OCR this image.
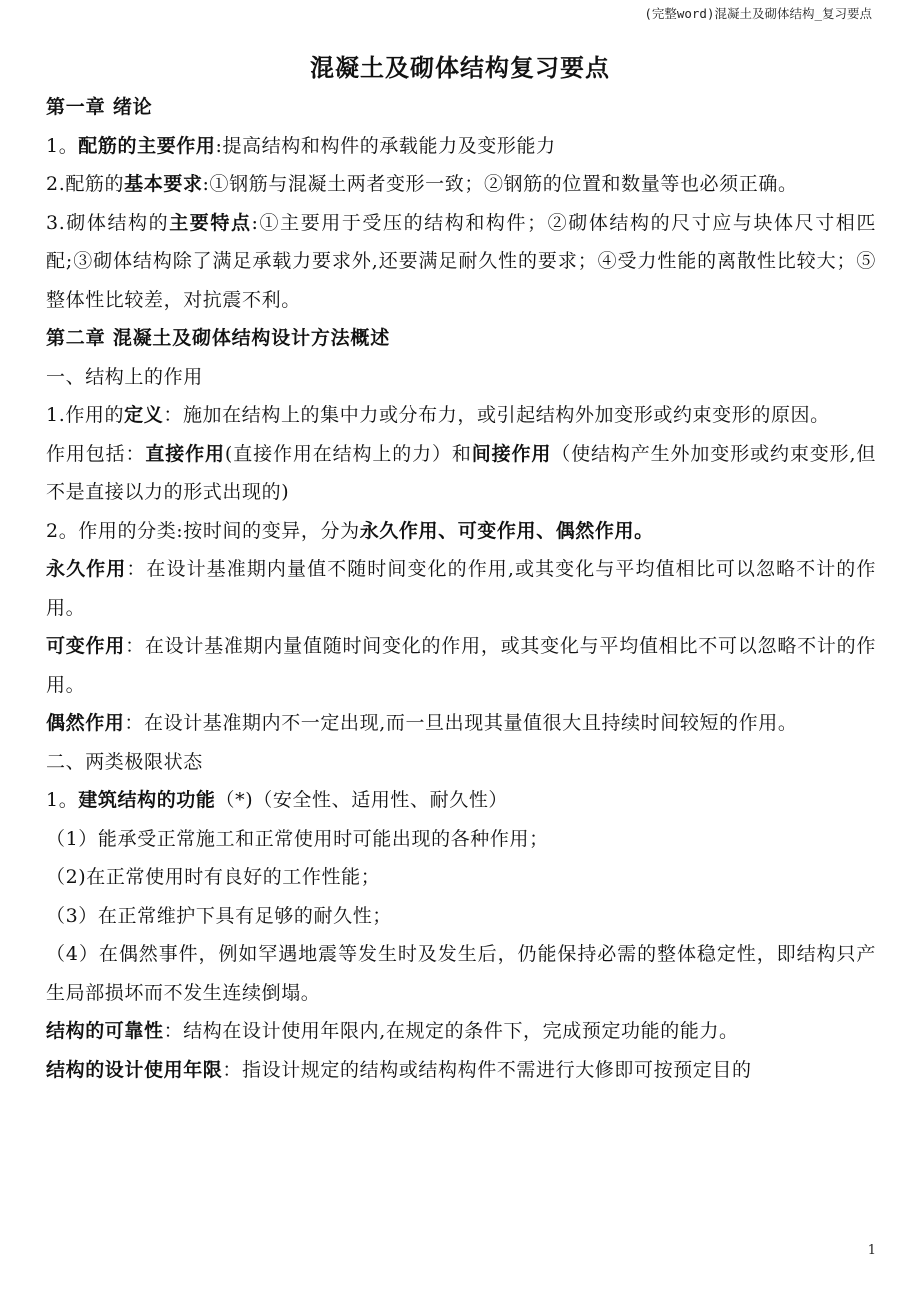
(完整word)混凝土及砌体结构_复习要点
混凝土及砌体结构复习要点

第一章 绪论

1。配筋的主要作用:提高结构和构件的承载能力及变形能力

2.配筋的基本要求:①钢筋与混凝土两者变形一致；②钢筋的位置和数量等也必须正确。

3.砌体结构的主要特点:①主要用于受压的结构和构件；②砌体结构的尺寸应与块体尺寸相匹配;③砌体结构除了满足承载力要求外,还要满足耐久性的要求；④受力性能的离散性比较大；⑤整体性比较差，对抗震不利。

第二章 混凝土及砌体结构设计方法概述

一、结构上的作用

1.作用的定义：施加在结构上的集中力或分布力，或引起结构外加变形或约束变形的原因。

作用包括：直接作用(直接作用在结构上的力）和间接作用（使结构产生外加变形或约束变形,但不是直接以力的形式出现的)

2。作用的分类:按时间的变异，分为永久作用、可变作用、偶然作用。

永久作用：在设计基准期内量值不随时间变化的作用,或其变化与平均值相比可以忽略不计的作用。

可变作用：在设计基准期内量值随时间变化的作用，或其变化与平均值相比不可以忽略不计的作用。

偶然作用：在设计基准期内不一定出现,而一旦出现其量值很大且持续时间较短的作用。

二、两类极限状态

1。建筑结构的功能（*)（安全性、适用性、耐久性）

（1）能承受正常施工和正常使用时可能出现的各种作用；

（2)在正常使用时有良好的工作性能；

（3）在正常维护下具有足够的耐久性；

（4）在偶然事件，例如罕遇地震等发生时及发生后，仍能保持必需的整体稳定性，即结构只产生局部损坏而不发生连续倒塌。

结构的可靠性：结构在设计使用年限内,在规定的条件下，完成预定功能的能力。

结构的设计使用年限：指设计规定的结构或结构构件不需进行大修即可按预定目的

1
